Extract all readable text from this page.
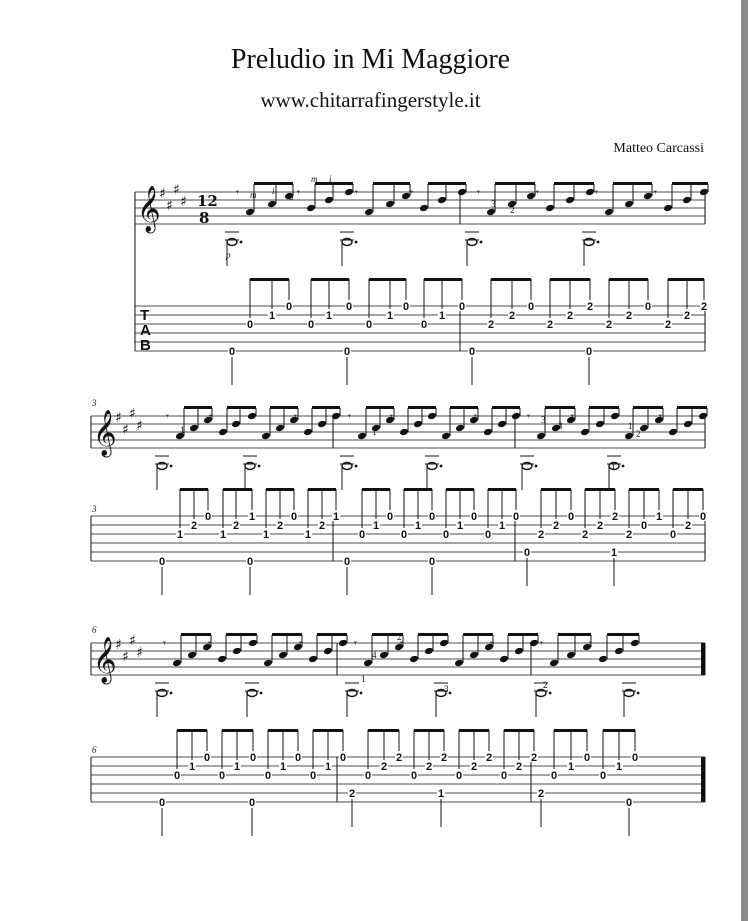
Preludio in Mi Maggiore
www.chitarrafingerstyle.it
Matteo Carcassi
𝄞
♯
♯
♯
♯ 12
8
T
A
B
𝄾	𝄾	𝄾	𝄾
0
1
0
0
1
0
0
1
0
0
1
0
0	0
𝄾	𝄾	𝄾	𝄾
2
2
0
2
2
2
2
2
0
2
2
2
0	0
𝄞
♯
♯
♯
♯
3
3
𝄾	𝄾	𝄾	𝄾
1
2
0
1
2
1
1
2
0
1
2
1
0	0
𝄾	𝄾	𝄾	𝄾
0
1
0
0
1
0
0
1
0
0
1
0
0	0
𝄾	𝄾	𝄾	𝄾
2
2
0
2
2
2
2
0
1
0
2
0
0	1
𝄞
♯
♯
♯
♯
6
6
𝄾	𝄾	𝄾	𝄾
0
1
0
0
1
0
0
1
0
0
1
0
0	0
𝄾	𝄾	𝄾	𝄾
0
2
2
0
2
2
0
2
2
0
2
2
2	1
𝄾	𝄾
0
1
0
0
1
0
2
0
m i
a
m i
p
3
2
1	1
3
3	1
2
1
3
4
2
1
2
